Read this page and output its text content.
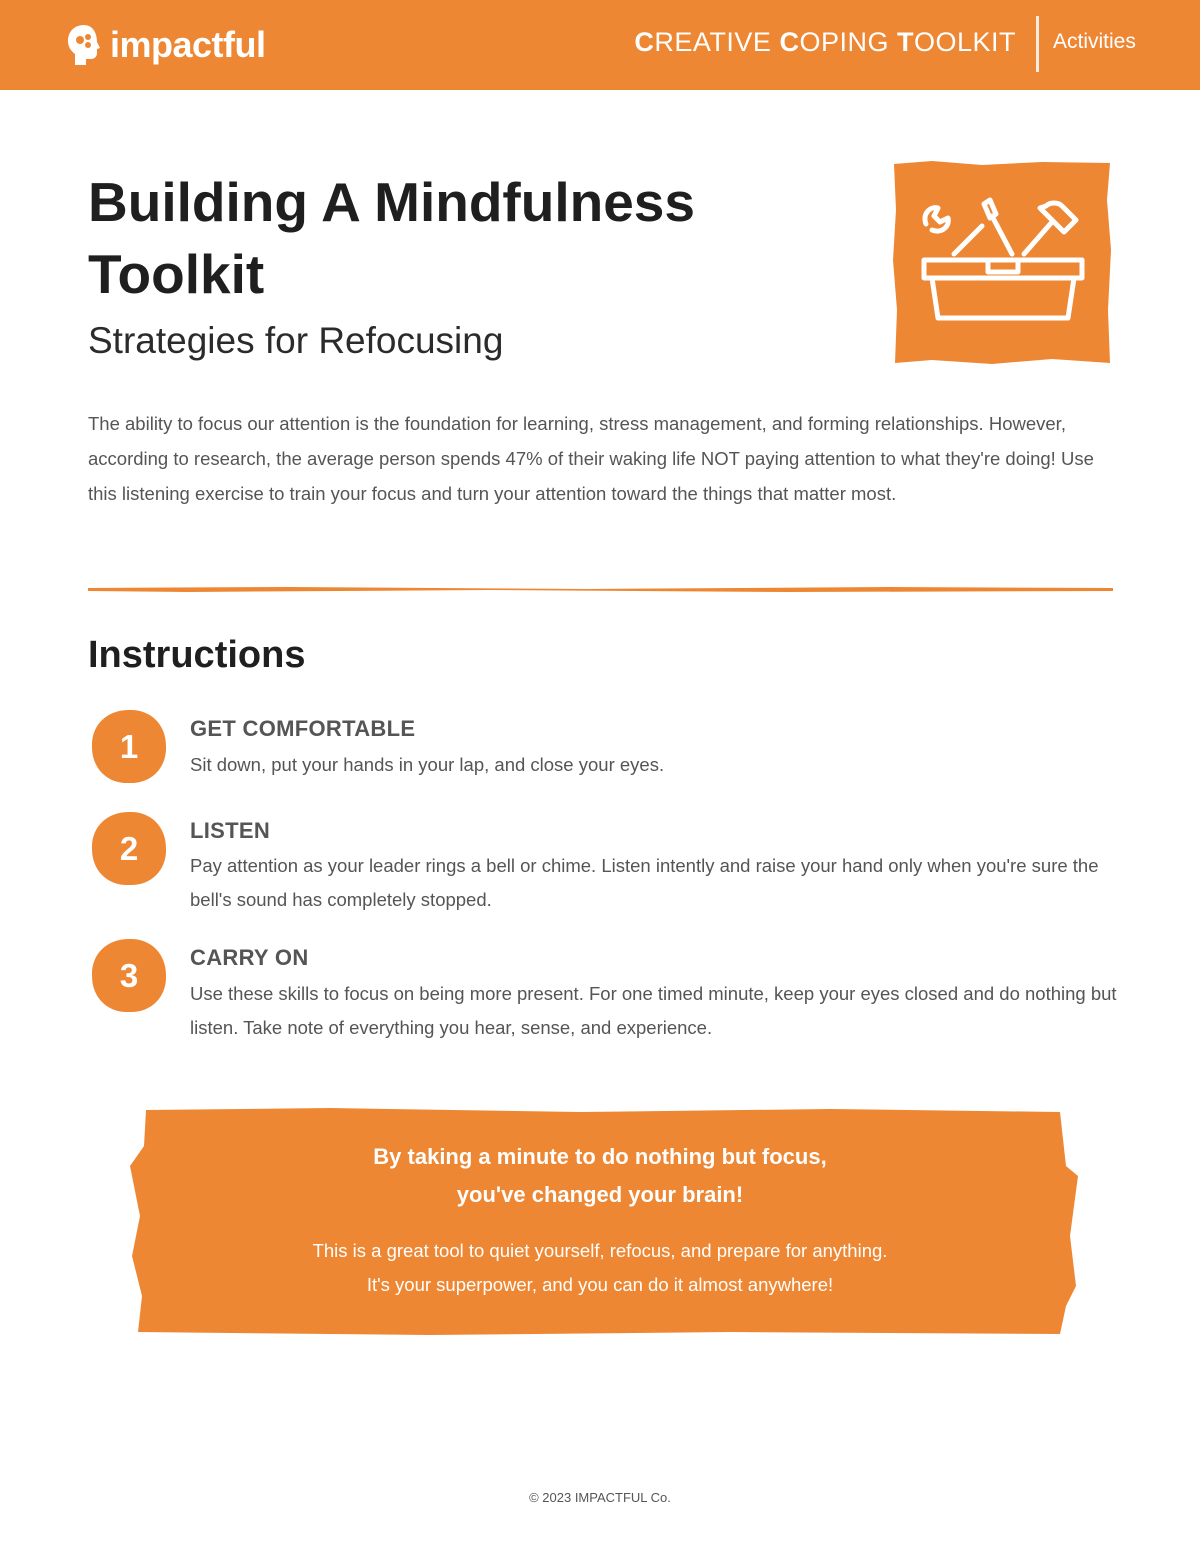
impactful	CREATIVE COPING TOOLKIT Activities
Building A Mindfulness Toolkit
Strategies for Refocusing

The ability to focus our attention is the foundation for learning, stress management, and forming relationships. However, according to research, the average person spends 47% of their waking life NOT paying attention to what they're doing! Use this listening exercise to train your focus and turn your attention toward the things that matter most.

Instructions
1	GET COMFORTABLE

Sit down, put your hands in your lap, and close your eyes.

2	LISTEN

Pay attention as your leader rings a bell or chime. Listen intently and raise your hand only when you're sure the bell's sound has completely stopped.

3	CARRY ON

Use these skills to focus on being more present. For one timed minute, keep your eyes closed and do nothing but listen. Take note of everything you hear, sense, and experience.

By taking a minute to do nothing but focus,
you've changed your brain!
This is a great tool to quiet yourself, refocus, and prepare for anything.
It's your superpower, and you can do it almost anywhere!
© 2023 IMPACTFUL Co.
